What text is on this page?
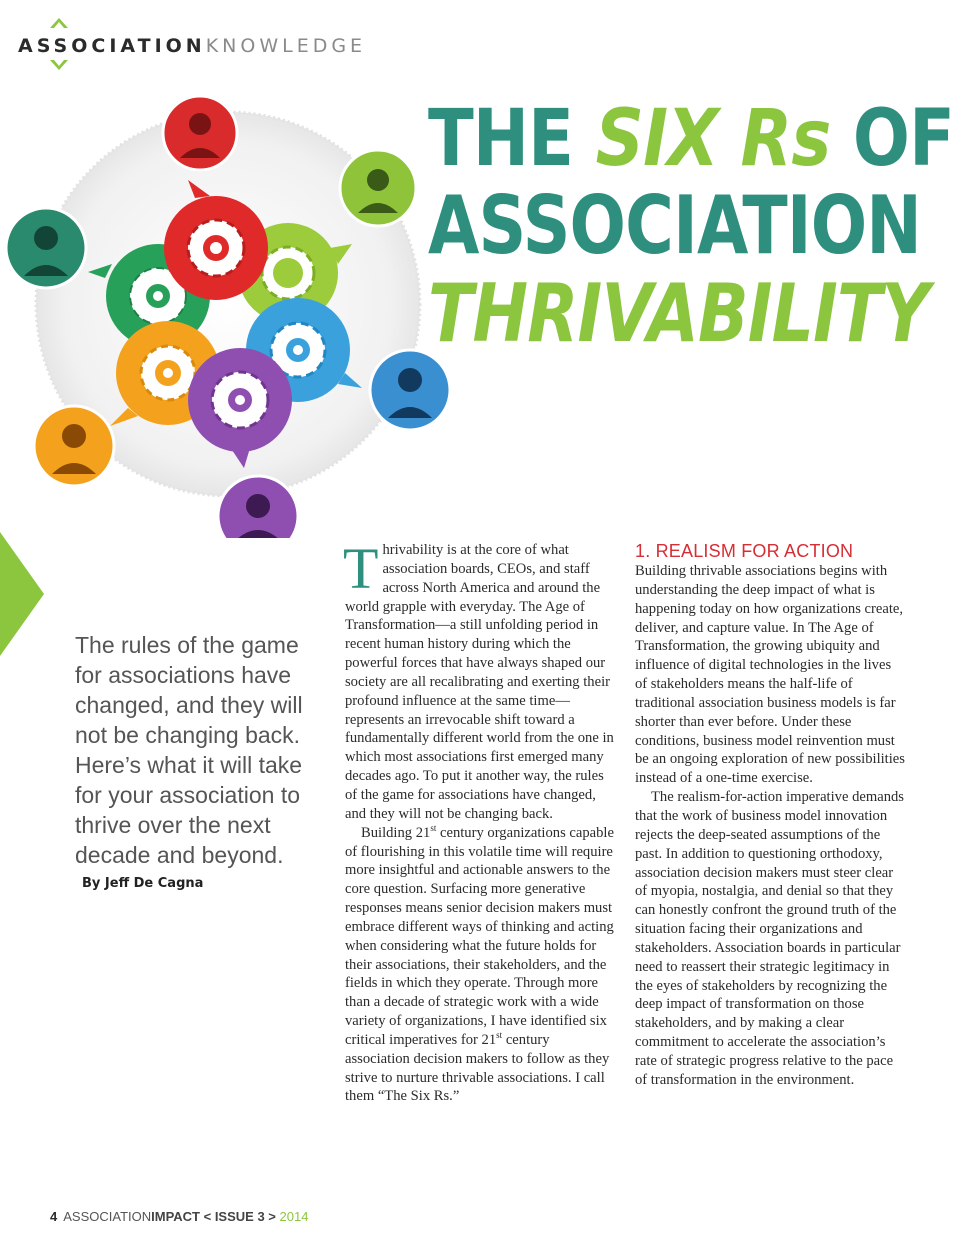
ASSOCIATIONKNOWLEDGE
THE SIX Rs OF
ASSOCIATION
THRIVABILITY
The rules of the game for associations have changed, and they will not be changing back. Here’s what it will take for your association to thrive over the next decade and beyond.
By Jeff De Cagna

Thrivability is at the core of what association boards, CEOs, and staff across North America and around the world grapple with everyday. The Age of Transformation—a still unfolding period in recent human history during which the powerful forces that have always shaped our society are all recalibrating and exerting their profound influence at the same time—represents an irrevocable shift toward a fundamentally different world from the one in which most associations first emerged many decades ago. To put it another way, the rules of the game for associations have changed, and they will not be changing back.

Building 21st century organizations capable of flourishing in this volatile time will require more insightful and actionable answers to the core question. Surfacing more generative responses means senior decision makers must embrace different ways of thinking and acting when considering what the future holds for their associations, their stakeholders, and the fields in which they operate. Through more than a decade of strategic work with a wide variety of organizations, I have identified six critical imperatives for 21st century association decision makers to follow as they strive to nurture thrivable associations. I call them “The Six Rs.”

1. REALISM FOR ACTION

Building thrivable associations begins with understanding the deep impact of what is happening today on how organizations create, deliver, and capture value. In The Age of Transformation, the growing ubiquity and influence of digital technologies in the lives of stakeholders means the half-life of traditional association business models is far shorter than ever before. Under these conditions, business model reinvention must be an ongoing exploration of new possibilities instead of a one-time exercise.

The realism-for-action imperative demands that the work of business model innovation rejects the deep-seated assumptions of the past. In addition to questioning orthodoxy, association decision makers must steer clear of myopia, nostalgia, and denial so that they can honestly confront the ground truth of the situation facing their organizations and stakeholders. Association boards in particular need to reassert their strategic legitimacy in the eyes of stakeholders by recognizing the deep impact of transformation on those stakeholders, and by making a clear commitment to accelerate the association’s rate of strategic progress relative to the pace of transformation in the environment.

4 ASSOCIATIONIMPACT < ISSUE 3 > 2014
